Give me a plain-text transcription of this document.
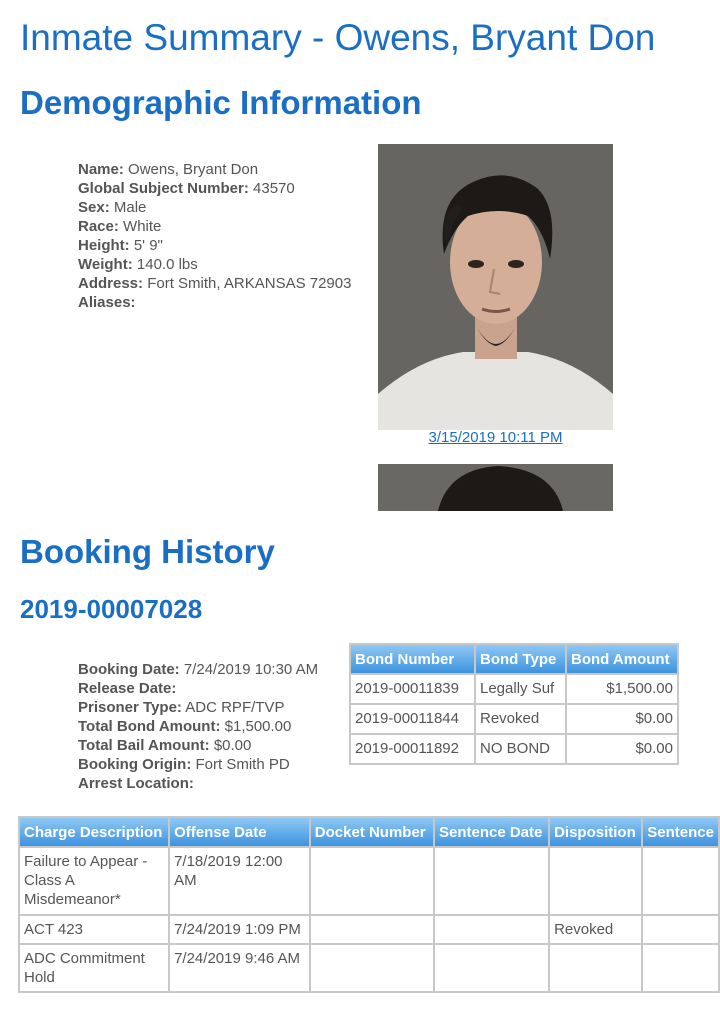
Inmate Summary - Owens, Bryant Don
Demographic Information
Name: Owens, Bryant Don
Global Subject Number: 43570
Sex: Male
Race: White
Height: 5' 9"
Weight: 140.0 lbs
Address: Fort Smith, ARKANSAS 72903
Aliases:
3/15/2019 10:11 PM
Booking History
2019-00007028
Booking Date: 7/24/2019 10:30 AM
Release Date:
Prisoner Type: ADC RPF/TVP
Total Bond Amount: $1,500.00
Total Bail Amount: $0.00
Booking Origin: Fort Smith PD
Arrest Location:
Bond Number	Bond Type	Bond Amount
2019-00011839	Legally Suf	$1,500.00
2019-00011844	Revoked	$0.00
2019-00011892	NO BOND	$0.00
Charge Description	Offense Date	Docket Number	Sentence Date	Disposition	Sentence
Failure to Appear - Class A Misdemeanor*	7/18/2019 12:00 AM				
ACT 423	7/24/2019 1:09 PM			Revoked	
ADC Commitment Hold	7/24/2019 9:46 AM				
